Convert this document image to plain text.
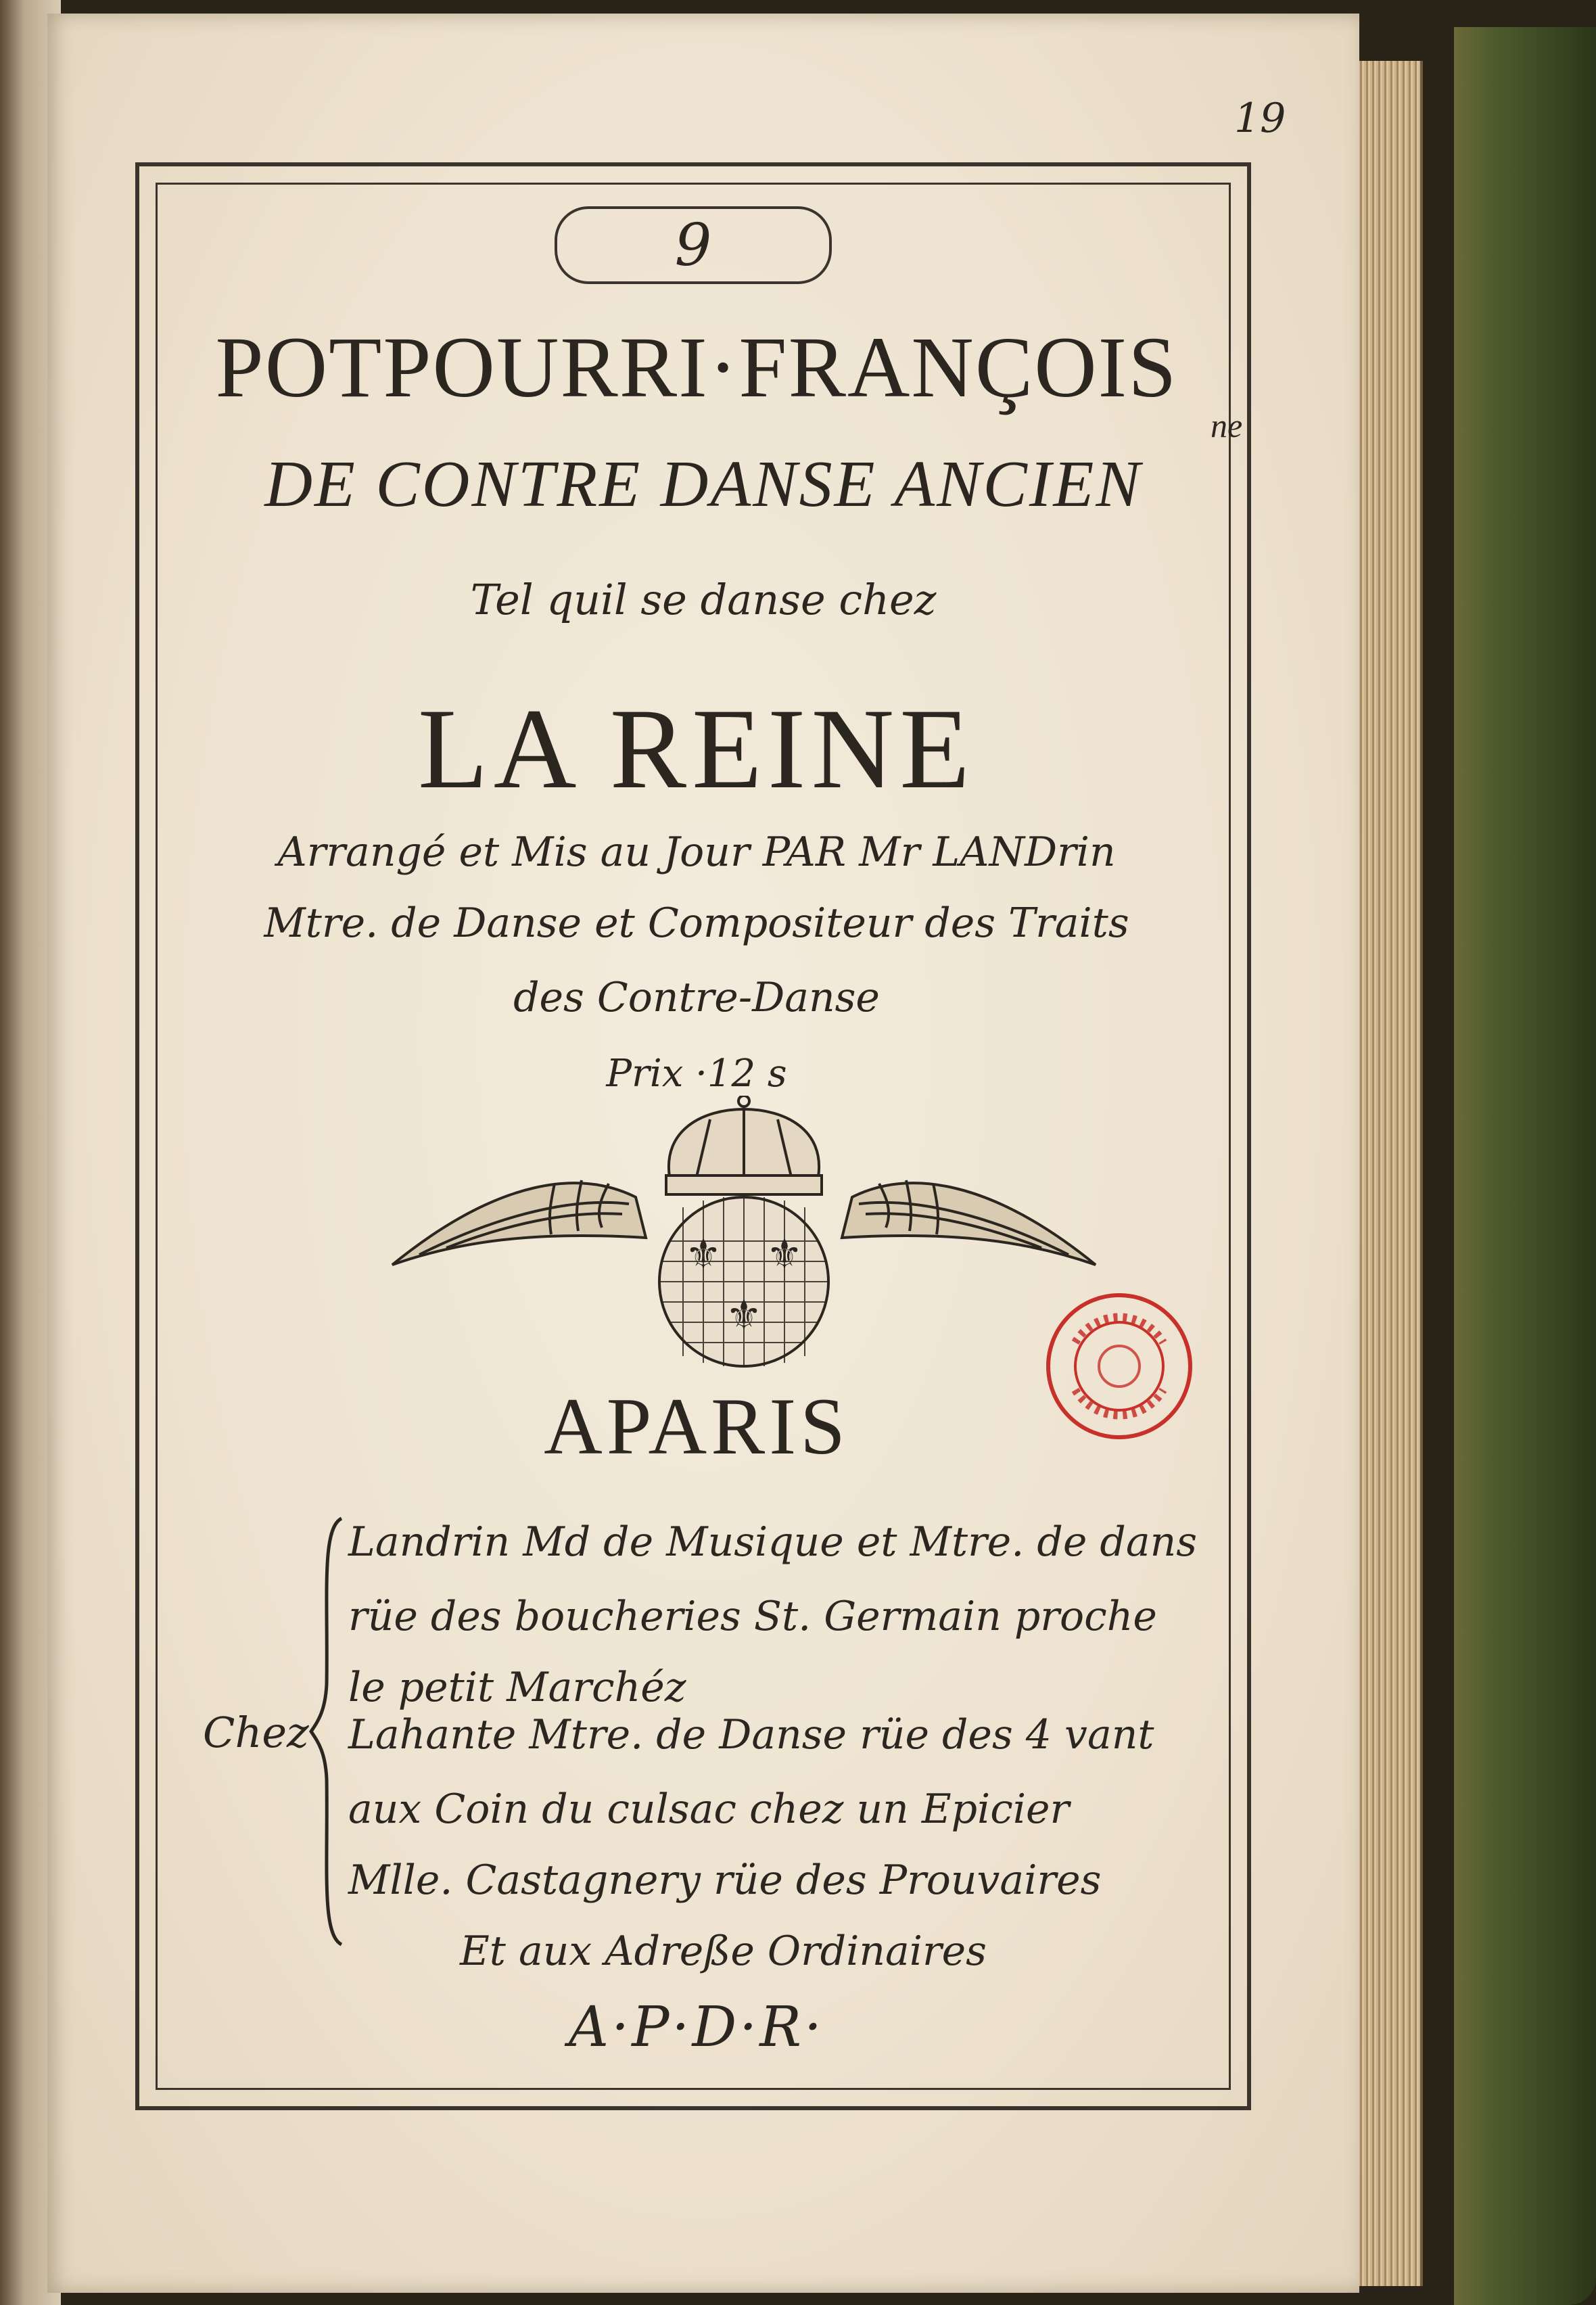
19

9

POTPOURRI·FRANÇOIS

ne

DE CONTRE DANSE ANCIEN

Tel quil se danse chez

LA REINE

Arrangé et Mis au Jour PAR Mr LANDrin

Mtre. de Danse et Compositeur des Traits

des Contre-Danse

Prix ·12 s

⚜ ⚜
⚜

APARIS

Chez

Landrin Md de Musique et Mtre. de dans

rüe des boucheries St. Germain proche

le petit Marchéz

Lahante Mtre. de Danse rüe des 4 vant

aux Coin du culsac chez un Epicier

Mlle. Castagnery rüe des Prouvaires

Et aux Adreße Ordinaires

A·P·D·R·
